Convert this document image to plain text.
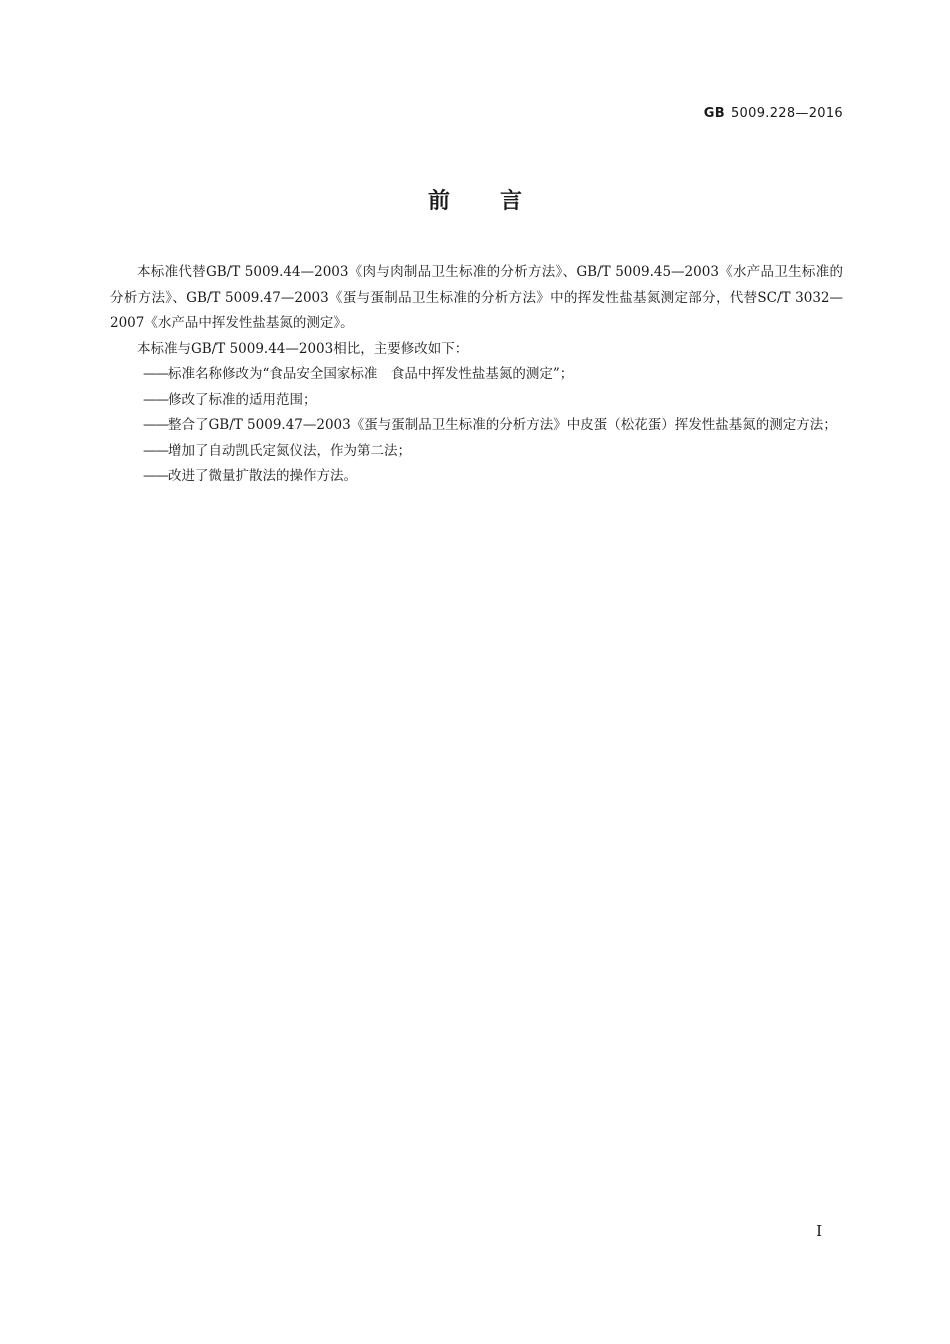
GB 5009.228—2016
前言

本标准代替GB/T 5009.44—2003《肉与肉制品卫生标准的分析方法》、GB/T 5009.45—2003《水产品卫生标准的分析方法》、GB/T 5009.47—2003《蛋与蛋制品卫生标准的分析方法》中的挥发性盐基氮测定部分，代替SC/T 3032—2007《水产品中挥发性盐基氮的测定》。

本标准与GB/T 5009.44—2003相比，主要修改如下：

——标准名称修改为“食品安全国家标准　食品中挥发性盐基氮的测定”；

——修改了标准的适用范围；

——整合了GB/T 5009.47—2003《蛋与蛋制品卫生标准的分析方法》中皮蛋（松花蛋）挥发性盐基氮的测定方法；

——增加了自动凯氏定氮仪法，作为第二法；

——改进了微量扩散法的操作方法。

I
